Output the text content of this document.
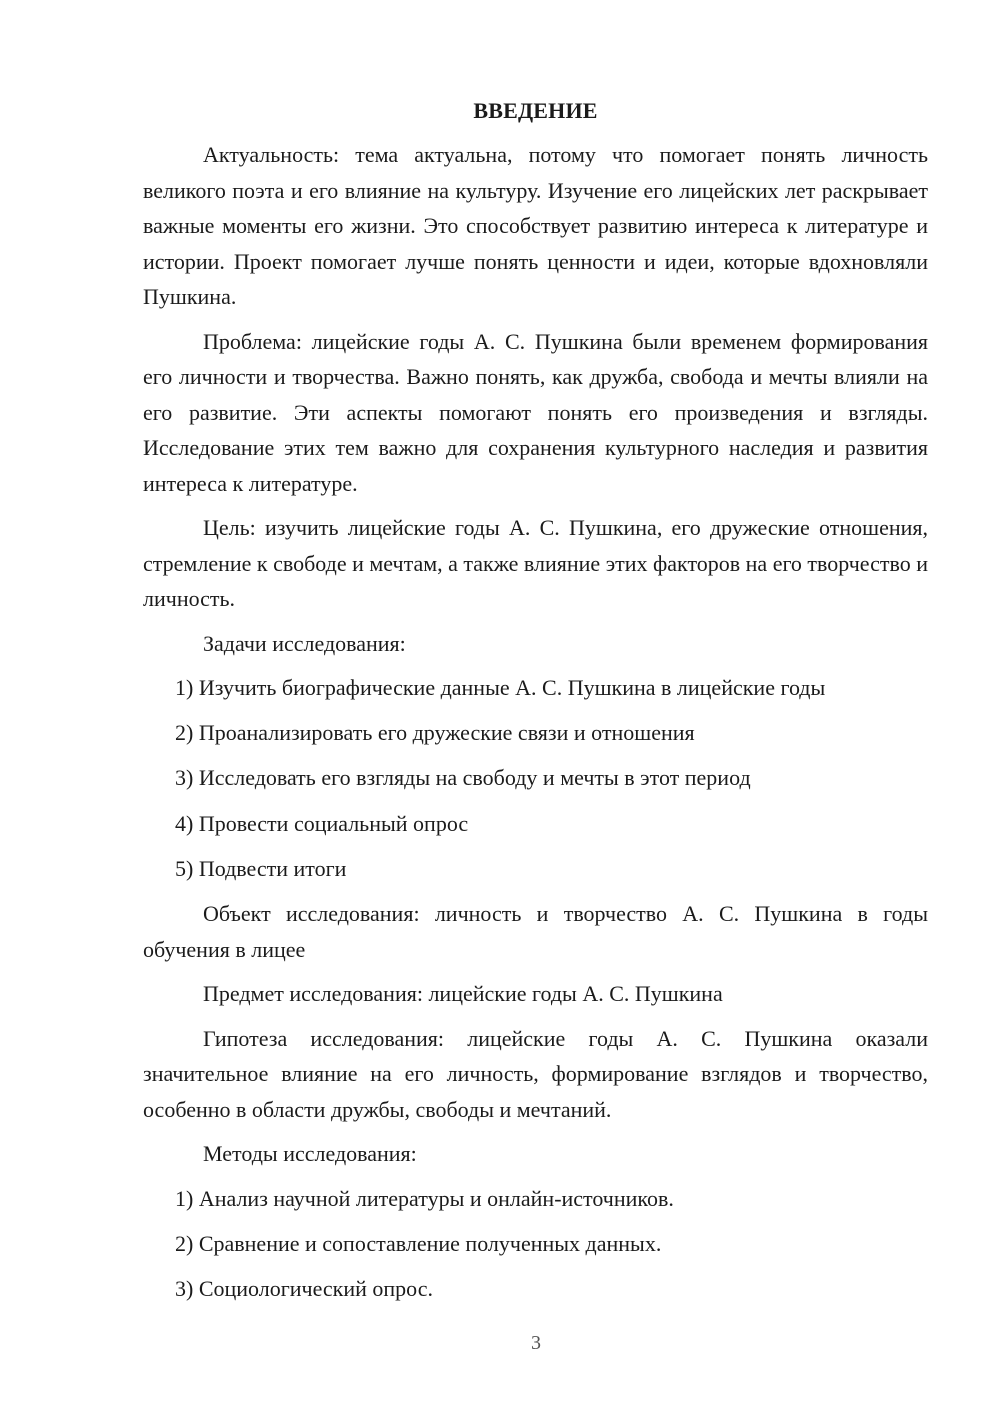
ВВЕДЕНИЕ

Актуальность: тема актуальна, потому что помогает понять личность великого поэта и его влияние на культуру. Изучение его лицейских лет раскрывает важные моменты его жизни. Это способствует развитию интереса к литературе и истории. Проект помогает лучше понять ценности и идеи, которые вдохновляли Пушкина.

Проблема: лицейские годы А. С. Пушкина были временем формирования его личности и творчества. Важно понять, как дружба, свобода и мечты влияли на его развитие. Эти аспекты помогают понять его произведения и взгляды. Исследование этих тем важно для сохранения культурного наследия и развития интереса к литературе.

Цель: изучить лицейские годы А. С. Пушкина, его дружеские отношения, стремление к свободе и мечтам, а также влияние этих факторов на его творчество и личность.

Задачи исследования:

1) Изучить биографические данные А. С. Пушкина в лицейские годы
2) Проанализировать его дружеские связи и отношения
3) Исследовать его взгляды на свободу и мечты в этот период
4) Провести социальный опрос
5) Подвести итоги

Объект исследования: личность и творчество А. С. Пушкина в годы обучения в лицее

Предмет исследования: лицейские годы А. С. Пушкина

Гипотеза исследования: лицейские годы А. С. Пушкина оказали значительное влияние на его личность, формирование взглядов и творчество, особенно в области дружбы, свободы и мечтаний.

Методы исследования:

1) Анализ научной литературы и онлайн-источников.
2) Сравнение и сопоставление полученных данных.
3) Социологический опрос.
3
